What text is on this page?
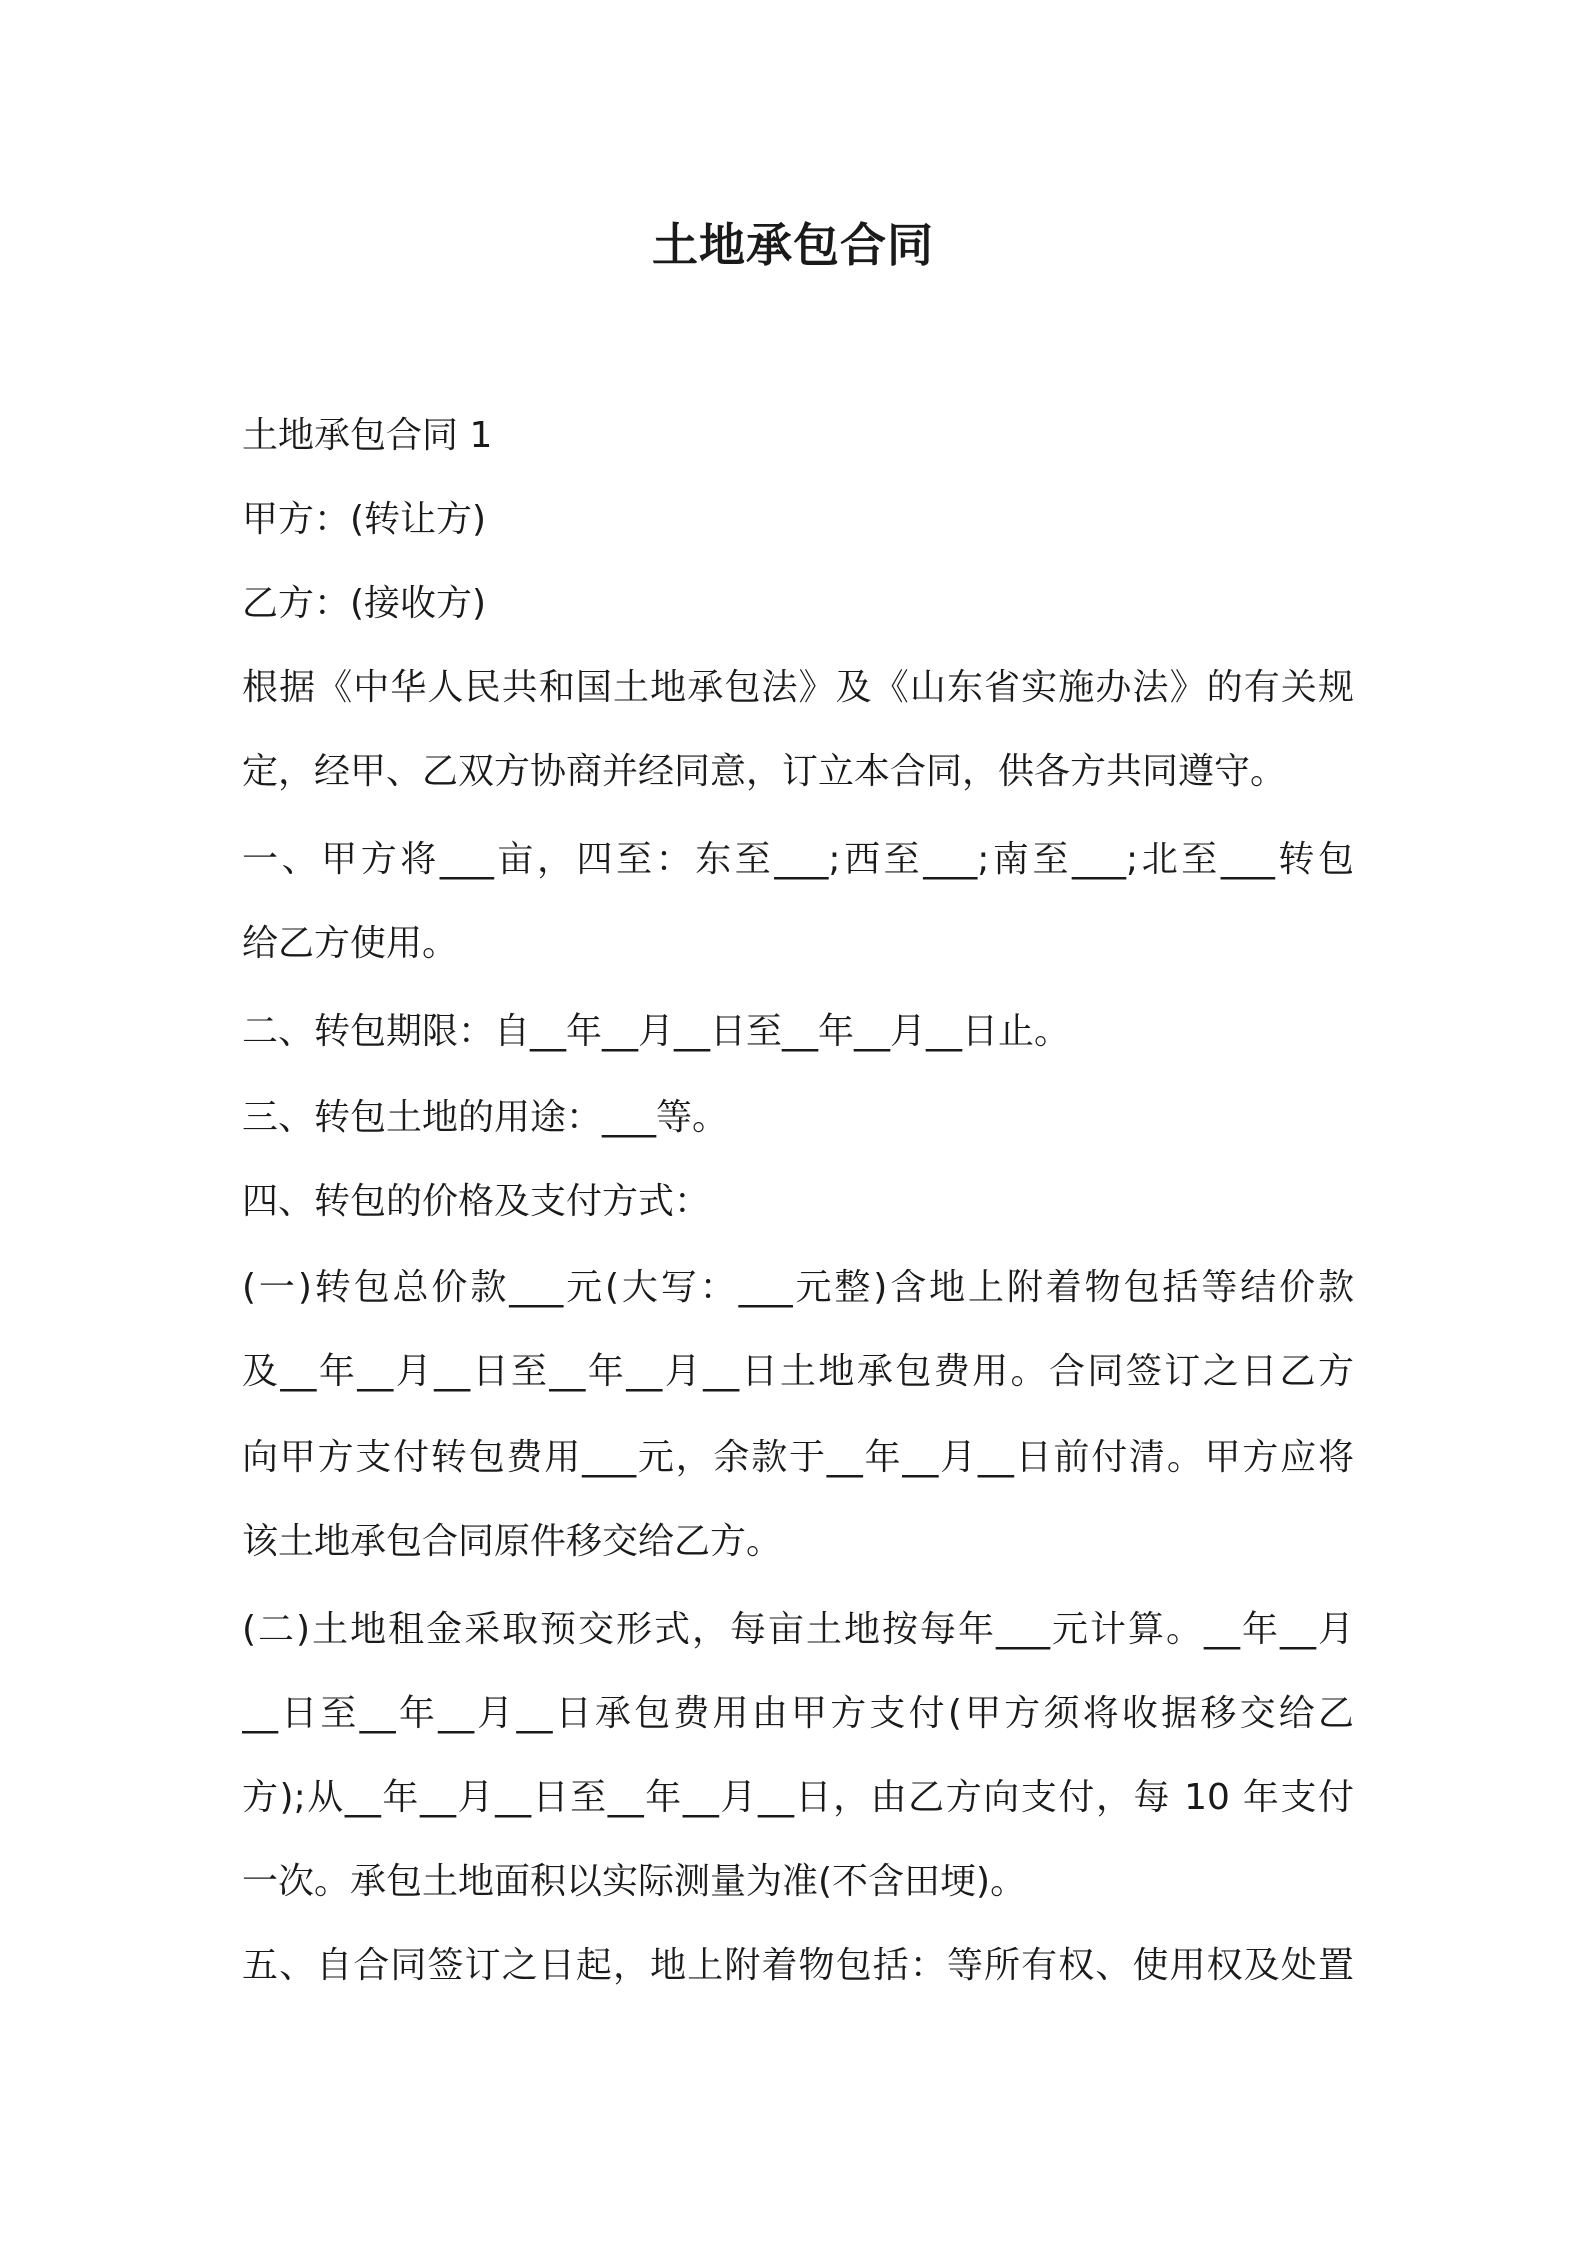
土地承包合同
土地承包合同 1
甲方：(转让方)
乙方：(接收方)
根据《中华人民共和国土地承包法》及《山东省实施办法》的有关规
定，经甲、乙双方协商并经同意，订立本合同，供各方共同遵守。
一、甲方将___亩，四至：东至___;西至___;南至___;北至___转包
给乙方使用。
二、转包期限：自__年__月__日至__年__月__日止。
三、转包土地的用途：___等。
四、转包的价格及支付方式：
(一)转包总价款___元(大写：___元整)含地上附着物包括等结价款
及__年__月__日至__年__月__日土地承包费用。合同签订之日乙方
向甲方支付转包费用___元，余款于__年__月__日前付清。甲方应将
该土地承包合同原件移交给乙方。
(二)土地租金采取预交形式，每亩土地按每年___元计算。__年__月
__日至__年__月__日承包费用由甲方支付(甲方须将收据移交给乙
方);从__年__月__日至__年__月__日，由乙方向支付，每 10 年支付
一次。承包土地面积以实际测量为准(不含田埂)。
五、自合同签订之日起，地上附着物包括：等所有权、使用权及处置
